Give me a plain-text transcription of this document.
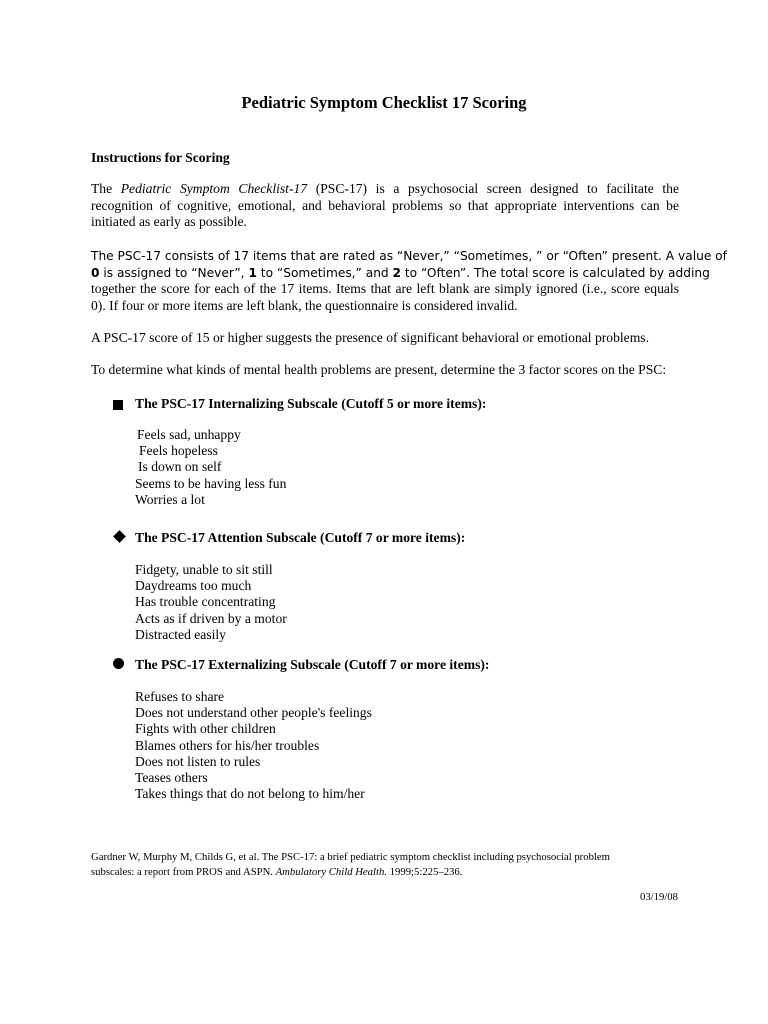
Pediatric Symptom Checklist 17 Scoring
Instructions for Scoring
The Pediatric Symptom Checklist-17 (PSC-17) is a psychosocial screen designed to facilitate the
recognition of cognitive, emotional, and behavioral problems so that appropriate interventions can be
initiated as early as possible.
The PSC-17 consists of 17 items that are rated as “Never,” “Sometimes, ” or “Often” present. A value of
0 is assigned to “Never”, 1 to “Sometimes,” and 2 to “Often”. The total score is calculated by adding
together the score for each of the 17 items. Items that are left blank are simply ignored (i.e., score equals
0). If four or more items are left blank, the questionnaire is considered invalid.
A PSC-17 score of 15 or higher suggests the presence of significant behavioral or emotional problems.
To determine what kinds of mental health problems are present, determine the 3 factor scores on the PSC:
The PSC-17 Internalizing Subscale (Cutoff 5 or more items):
Feels sad, unhappy
Feels hopeless
Is down on self
Seems to be having less fun
Worries a lot
The PSC-17 Attention Subscale (Cutoff 7 or more items):
Fidgety, unable to sit still
Daydreams too much
Has trouble concentrating
Acts as if driven by a motor
Distracted easily
The PSC-17 Externalizing Subscale (Cutoff 7 or more items):
Refuses to share
Does not understand other people's feelings
Fights with other children
Blames others for his/her troubles
Does not listen to rules
Teases others
Takes things that do not belong to him/her
Gardner W, Murphy M, Childs G, et al. The PSC-17: a brief pediatric symptom checklist including psychosocial problem
subscales: a report from PROS and ASPN. Ambulatory Child Health. 1999;5:225–236.
03/19/08
